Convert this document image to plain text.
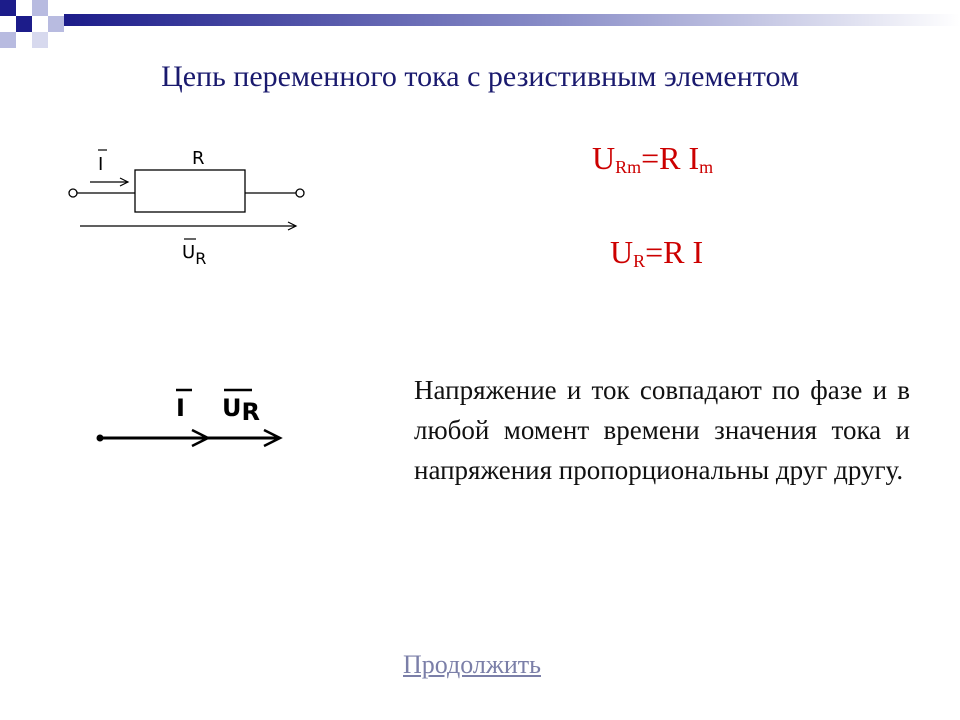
Цепь переменного тока с резистивным элементом
I	R
UR
$U_{Rm}=R$ $I_m$
$U_R=R$ I
I UR
Напряжение и ток совпадают по фазе и в любой момент времени значения тока и напряжения пропорциональны друг другу.
Продолжить
